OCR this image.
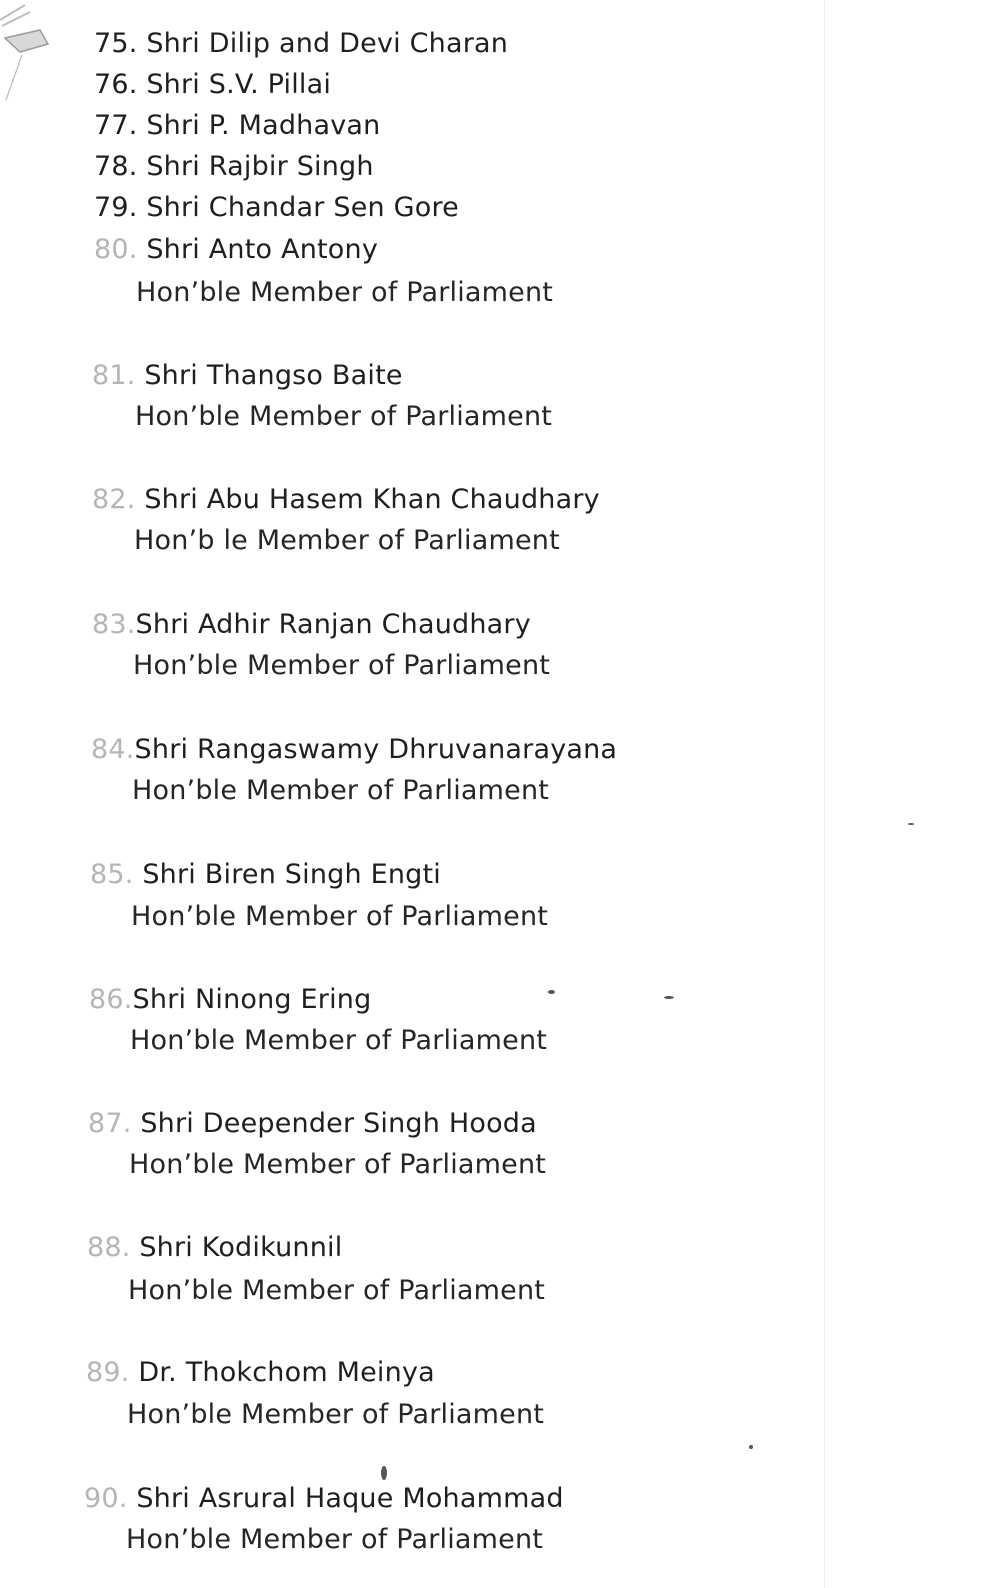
75. Shri Dilip and Devi Charan
76. Shri S.V. Pillai
77. Shri P. Madhavan
78. Shri Rajbir Singh
79. Shri Chandar Sen Gore
80. Shri Anto Antony
Hon’ble Member of Parliament
81. Shri Thangso Baite
Hon’ble Member of Parliament
82. Shri Abu Hasem Khan Chaudhary
Hon’b le Member of Parliament
83.Shri Adhir Ranjan Chaudhary
Hon’ble Member of Parliament
84.Shri Rangaswamy Dhruvanarayana
Hon’ble Member of Parliament
85. Shri Biren Singh Engti
Hon’ble Member of Parliament
86.Shri Ninong Ering
Hon’ble Member of Parliament
87. Shri Deepender Singh Hooda
Hon’ble Member of Parliament
88. Shri Kodikunnil
Hon’ble Member of Parliament
89. Dr. Thokchom Meinya
Hon’ble Member of Parliament
90. Shri Asrural Haque Mohammad
Hon’ble Member of Parliament
